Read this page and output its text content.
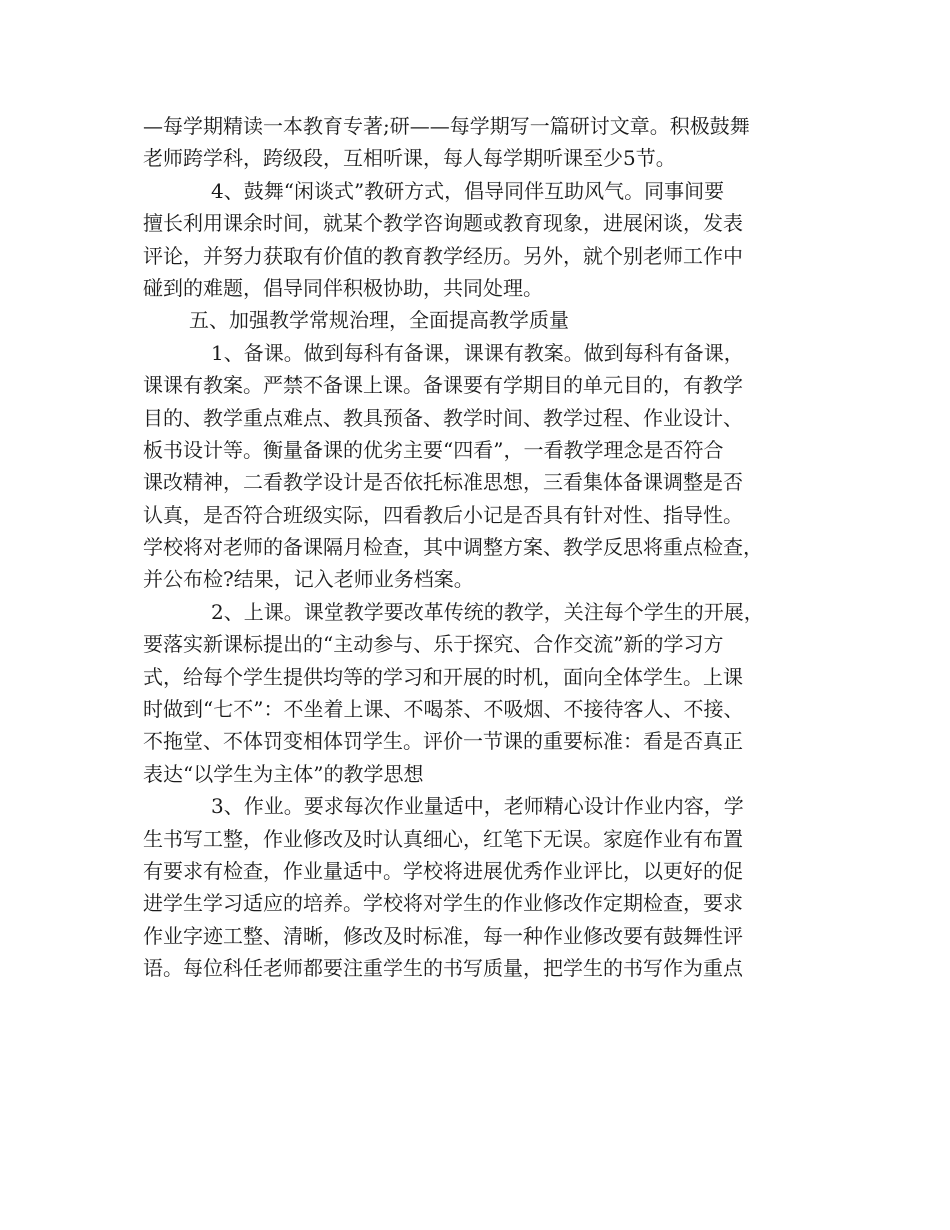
—每学期精读一本教育专著;研——每学期写一篇研讨文章。积极鼓舞
老师跨学科，跨级段，互相听课，每人每学期听课至少5节。
4、鼓舞“闲谈式”教研方式，倡导同伴互助风气。同事间要
擅长利用课余时间，就某个教学咨询题或教育现象，进展闲谈，发表
评论，并努力获取有价值的教育教学经历。另外，就个别老师工作中
碰到的难题，倡导同伴积极协助，共同处理。
五、加强教学常规治理，全面提高教学质量
1、备课。做到每科有备课，课课有教案。做到每科有备课，
课课有教案。严禁不备课上课。备课要有学期目的单元目的，有教学
目的、教学重点难点、教具预备、教学时间、教学过程、作业设计、
板书设计等。衡量备课的优劣主要“四看”，一看教学理念是否符合
课改精神，二看教学设计是否依托标准思想，三看集体备课调整是否
认真，是否符合班级实际，四看教后小记是否具有针对性、指导性。
学校将对老师的备课隔月检查，其中调整方案、教学反思将重点检查，
并公布检?结果，记入老师业务档案。
2、上课。课堂教学要改革传统的教学，关注每个学生的开展，
要落实新课标提出的“主动参与、乐于探究、合作交流”新的学习方
式，给每个学生提供均等的学习和开展的时机，面向全体学生。上课
时做到“七不”：不坐着上课、不喝茶、不吸烟、不接待客人、不接、
不拖堂、不体罚变相体罚学生。评价一节课的重要标准：看是否真正
表达“以学生为主体”的教学思想
3、作业。要求每次作业量适中，老师精心设计作业内容，学
生书写工整，作业修改及时认真细心，红笔下无误。家庭作业有布置
有要求有检查，作业量适中。学校将进展优秀作业评比，以更好的促
进学生学习适应的培养。学校将对学生的作业修改作定期检查，要求
作业字迹工整、清晰，修改及时标准，每一种作业修改要有鼓舞性评
语。每位科任老师都要注重学生的书写质量，把学生的书写作为重点
